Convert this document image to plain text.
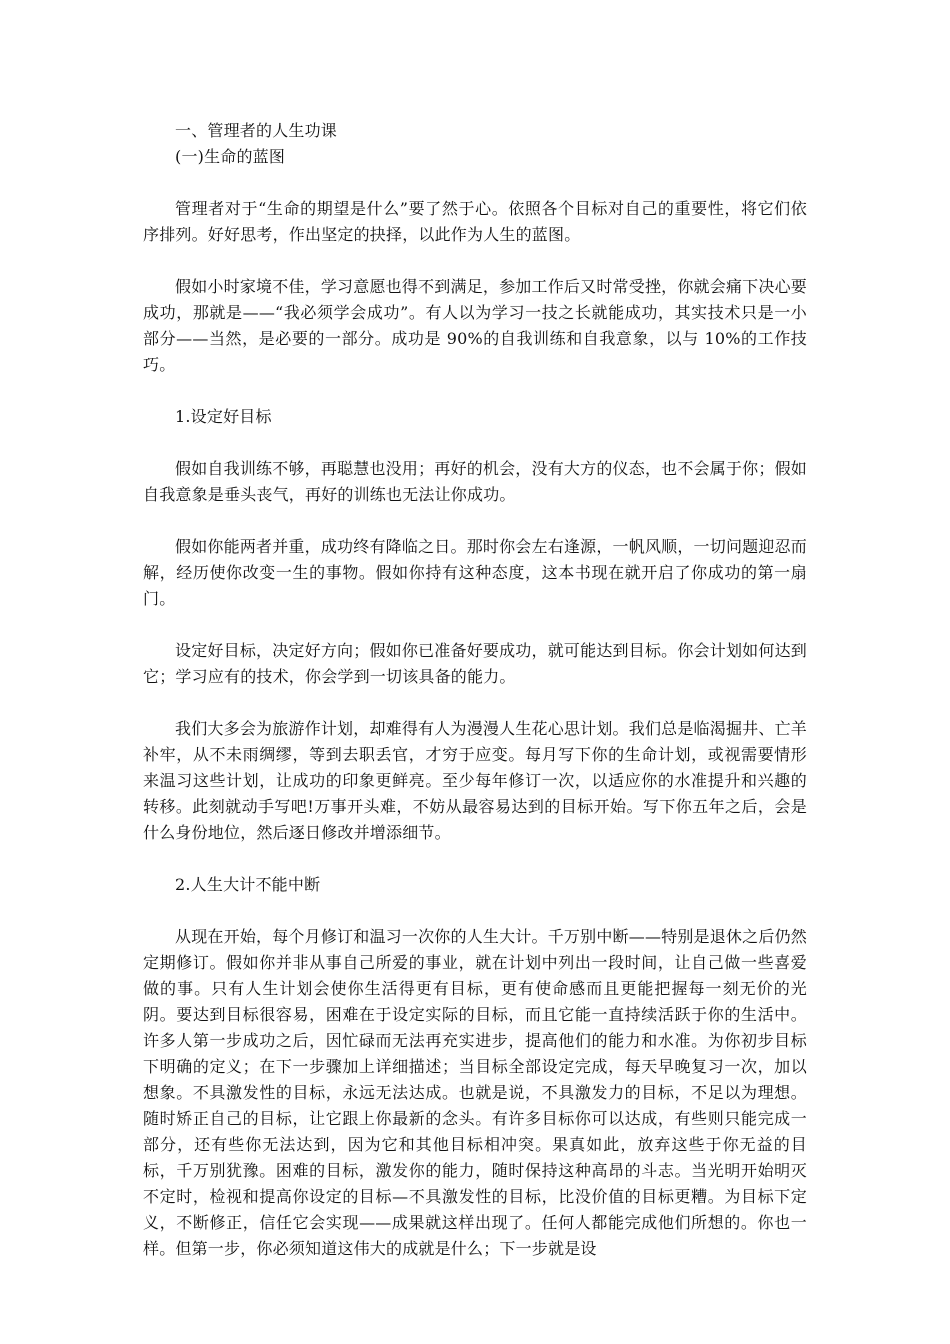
一、管理者的人生功课

(一)生命的蓝图

管理者对于“生命的期望是什么”要了然于心。依照各个目标对自己的重要性，将它们依序排列。好好思考，作出坚定的抉择，以此作为人生的蓝图。

假如小时家境不佳，学习意愿也得不到满足，参加工作后又时常受挫，你就会痛下决心要成功，那就是——“我必须学会成功”。有人以为学习一技之长就能成功，其实技术只是一小部分——当然，是必要的一部分。成功是 90%的自我训练和自我意象，以与 10%的工作技巧。

1.设定好目标

假如自我训练不够，再聪慧也没用；再好的机会，没有大方的仪态，也不会属于你；假如自我意象是垂头丧气，再好的训练也无法让你成功。

假如你能两者并重，成功终有降临之日。那时你会左右逢源，一帆风顺，一切问题迎忍而解，经历使你改变一生的事物。假如你持有这种态度，这本书现在就开启了你成功的第一扇门。

设定好目标，决定好方向；假如你已准备好要成功，就可能达到目标。你会计划如何达到它；学习应有的技术，你会学到一切该具备的能力。

我们大多会为旅游作计划，却难得有人为漫漫人生花心思计划。我们总是临渴掘井、亡羊补牢，从不未雨绸缪，等到去职丢官，才穷于应变。每月写下你的生命计划，或视需要情形来温习这些计划，让成功的印象更鲜亮。至少每年修订一次，以适应你的水准提升和兴趣的转移。此刻就动手写吧!万事开头难，不妨从最容易达到的目标开始。写下你五年之后，会是什么身份地位，然后逐日修改并增添细节。

2.人生大计不能中断

从现在开始，每个月修订和温习一次你的人生大计。千万别中断——特别是退休之后仍然定期修订。假如你并非从事自己所爱的事业，就在计划中列出一段时间，让自己做一些喜爱做的事。只有人生计划会使你生活得更有目标，更有使命感而且更能把握每一刻无价的光阴。要达到目标很容易，困难在于设定实际的目标，而且它能一直持续活跃于你的生活中。许多人第一步成功之后，因忙碌而无法再充实进步，提高他们的能力和水准。为你初步目标下明确的定义；在下一步骤加上详细描述；当目标全部设定完成，每天早晚复习一次，加以想象。不具激发性的目标，永远无法达成。也就是说，不具激发力的目标，不足以为理想。随时矫正自己的目标，让它跟上你最新的念头。有许多目标你可以达成，有些则只能完成一部分，还有些你无法达到，因为它和其他目标相冲突。果真如此，放弃这些于你无益的目标，千万别犹豫。困难的目标，激发你的能力，随时保持这种高昂的斗志。当光明开始明灭不定时，检视和提高你设定的目标—不具激发性的目标，比没价值的目标更糟。为目标下定义，不断修正，信任它会实现——成果就这样出现了。任何人都能完成他们所想的。你也一样。但第一步，你必须知道这伟大的成就是什么；下一步就是设
